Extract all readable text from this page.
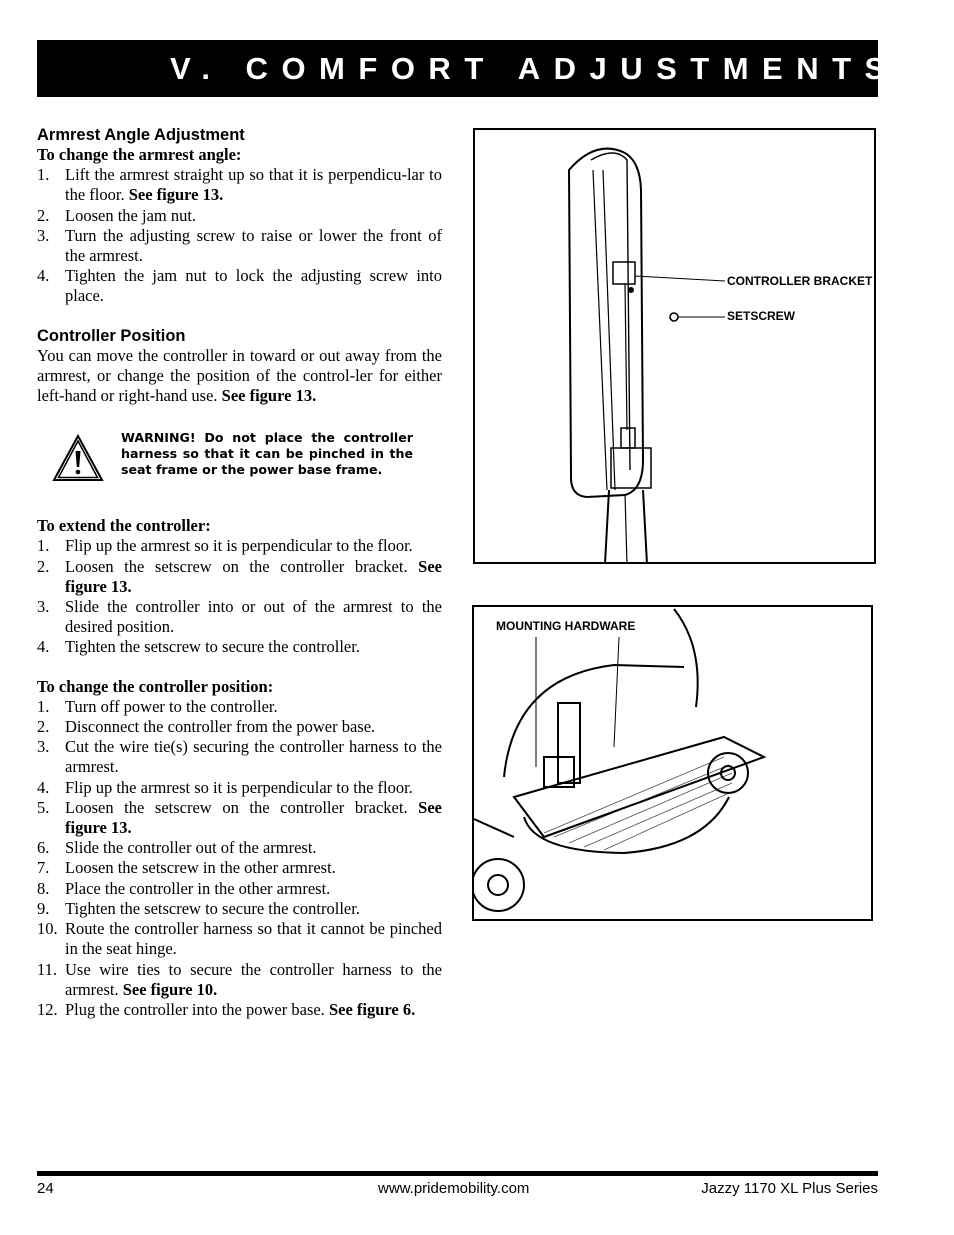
V. COMFORT ADJUSTMENTS

Armrest Angle Adjustment

To change the armrest angle:

1. Lift the armrest straight up so that it is perpendicu-lar to the floor. See figure 13.
2. Loosen the jam nut.
3. Turn the adjusting screw to raise or lower the front of the armrest.
4. Tighten the jam nut to lock the adjusting screw into place.

Controller Position

You can move the controller in toward or out away from the armrest, or change the position of the control-ler for either left-hand or right-hand use. See figure 13.

WARNING! Do not place the controller harness so that it can be pinched in the seat frame or the power base frame.

To extend the controller:

1. Flip up the armrest so it is perpendicular to the floor.
2. Loosen the setscrew on the controller bracket. See figure 13.
3. Slide the controller into or out of the armrest to the desired position.
4. Tighten the setscrew to secure the controller.

To change the controller position:

1. Turn off power to the controller.
2. Disconnect the controller from the power base.
3. Cut the wire tie(s) securing the controller harness to the armrest.
4. Flip up the armrest so it is perpendicular to the floor.
5. Loosen the setscrew on the controller bracket. See figure 13.
6. Slide the controller out of the armrest.
7. Loosen the setscrew in the other armrest.
8. Place the controller in the other armrest.
9. Tighten the setscrew to secure the controller.
10. Route the controller harness so that it cannot be pinched in the seat hinge.
11. Use wire ties to secure the controller harness to the armrest. See figure 10.
12. Plug the controller into the power base. See figure 6.
CONTROLLER BRACKET
SETSCREW
MOUNTING HARDWARE
24	www.pridemobility.com	Jazzy 1170 XL Plus Series
